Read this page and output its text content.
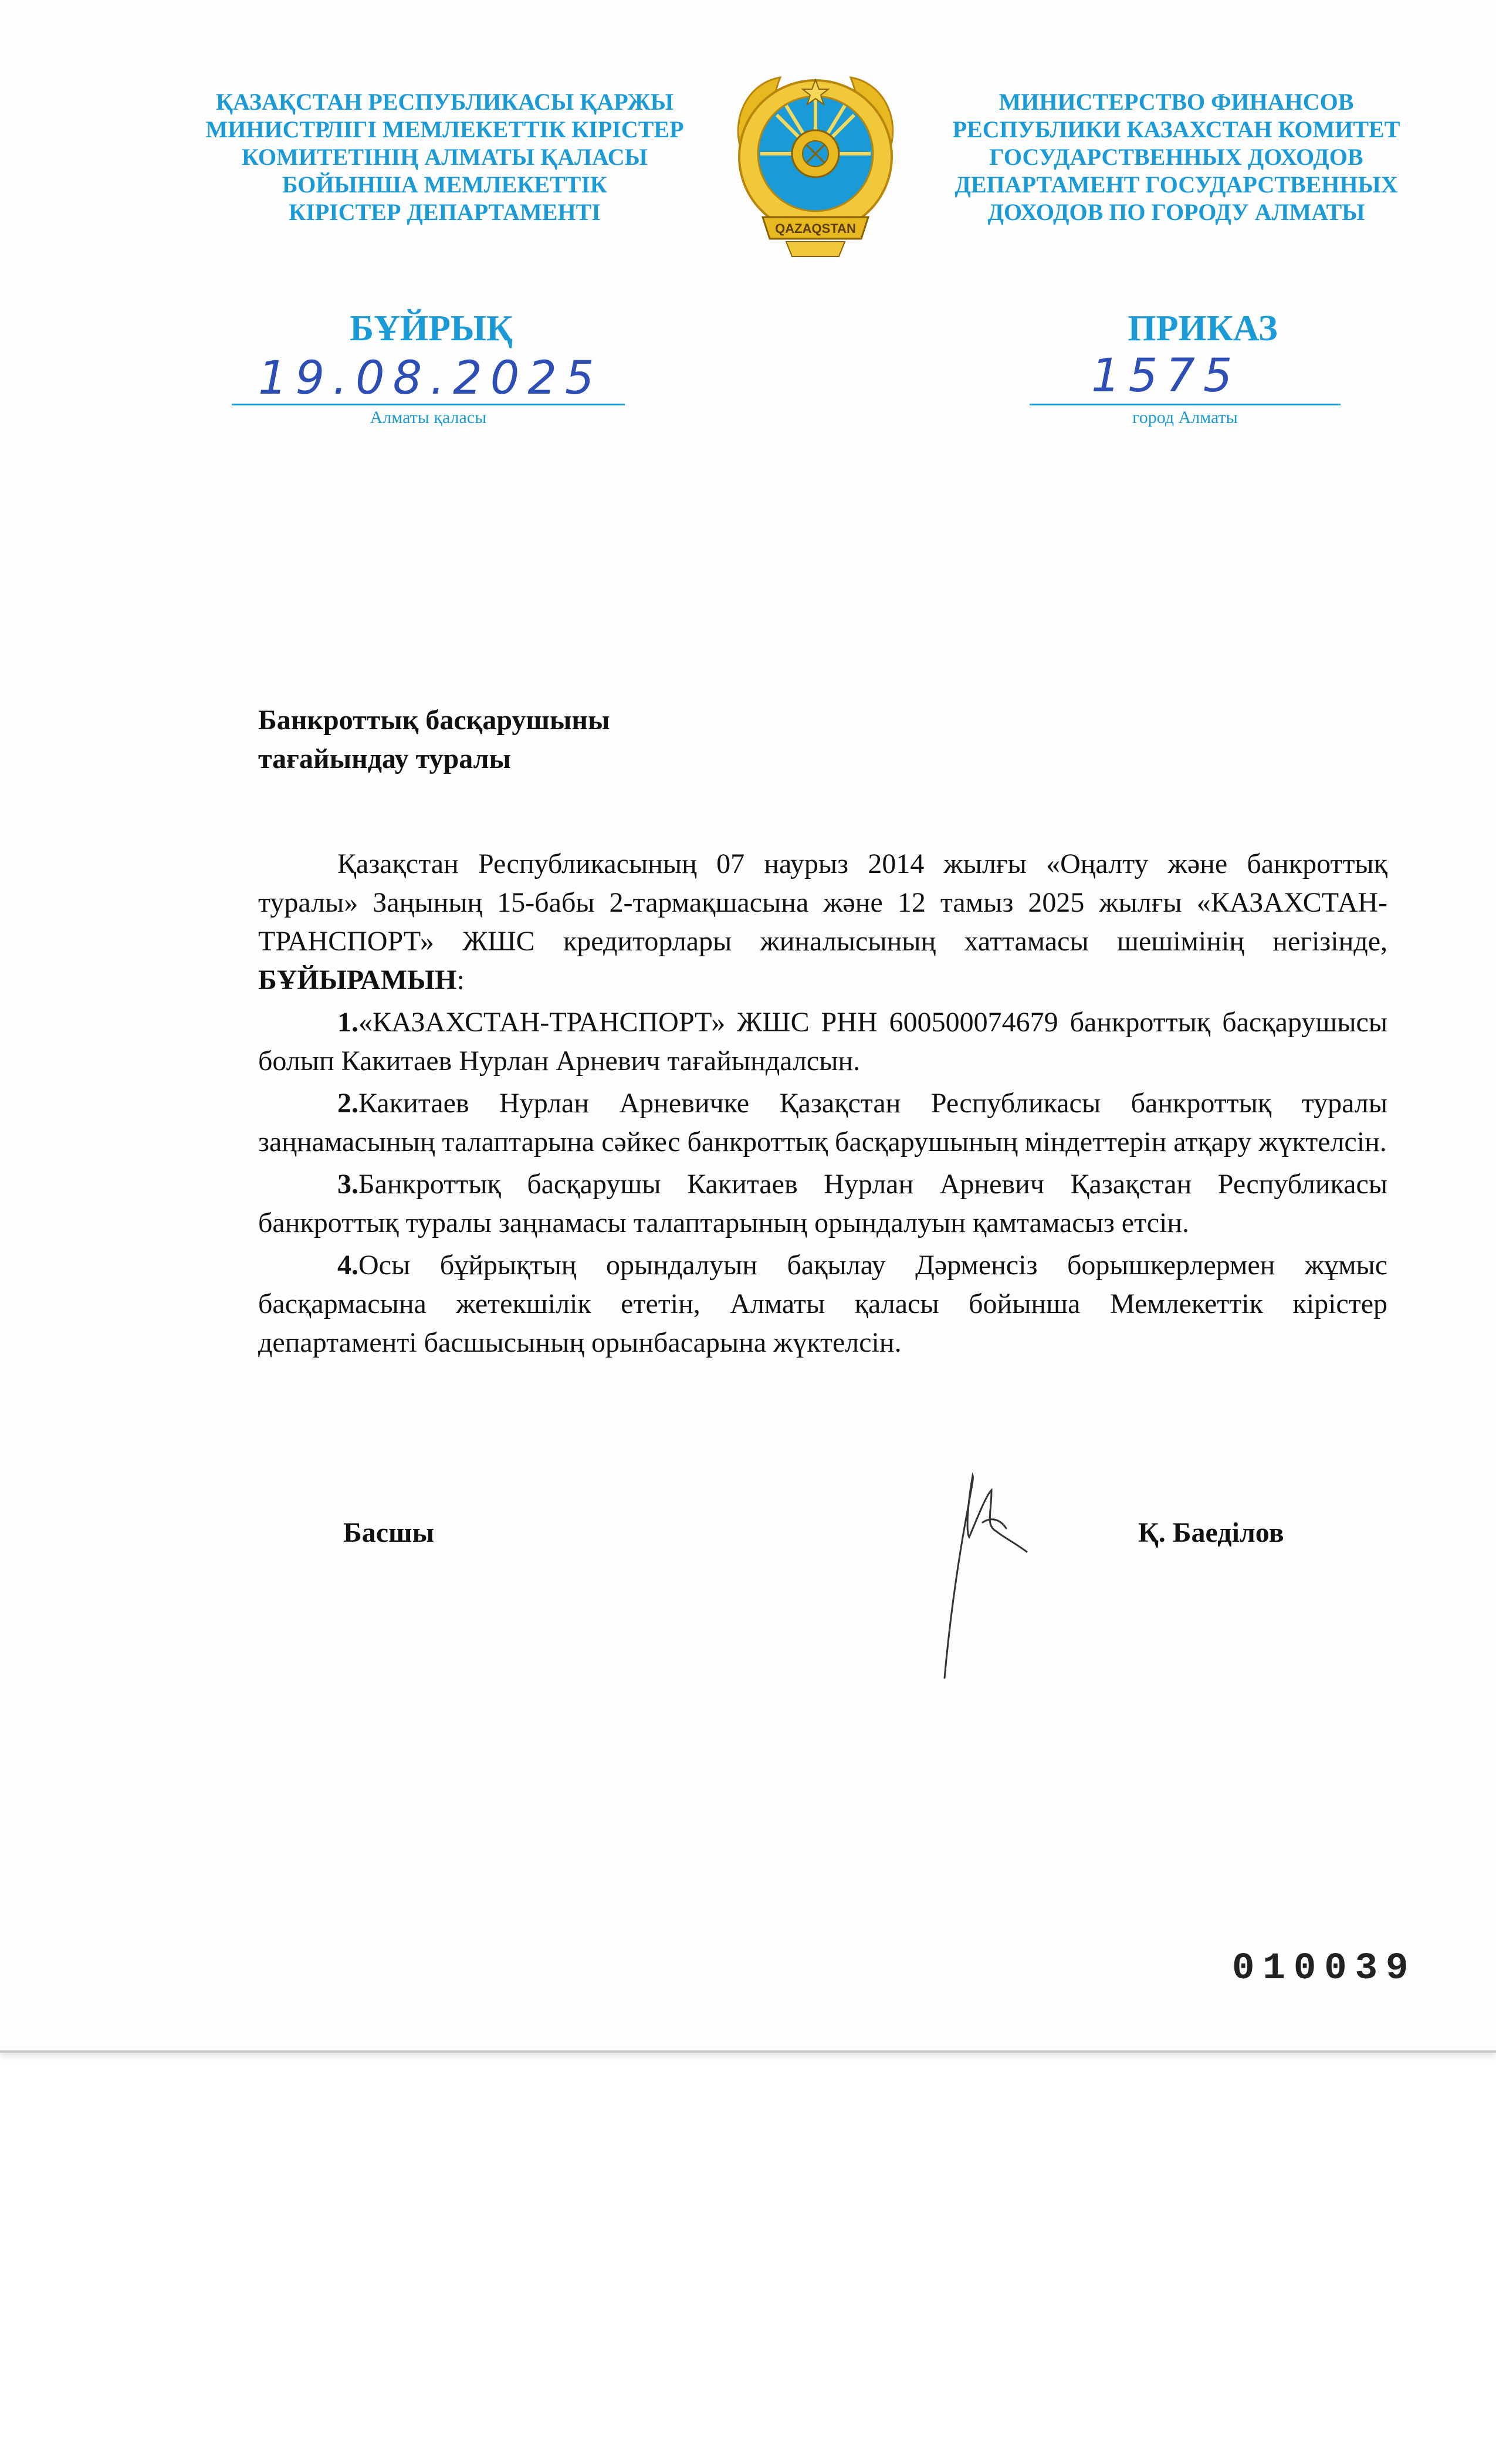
ҚАЗАҚСТАН РЕСПУБЛИКАСЫ ҚАРЖЫ
МИНИСТРЛІГІ МЕМЛЕКЕТТІК КІРІСТЕР
КОМИТЕТІНІҢ АЛМАТЫ ҚАЛАСЫ
БОЙЫНША МЕМЛЕКЕТТІК
КІРІСТЕР ДЕПАРТАМЕНТІ
QAZAQSTAN
МИНИСТЕРСТВО ФИНАНСОВ
РЕСПУБЛИКИ КАЗАХСТАН КОМИТЕТ
ГОСУДАРСТВЕННЫХ ДОХОДОВ
ДЕПАРТАМЕНТ ГОСУДАРСТВЕННЫХ
ДОХОДОВ ПО ГОРОДУ АЛМАТЫ
БҰЙРЫҚ	ПРИКАЗ
19.08.2025	1575
Алматы қаласы	город Алматы
Банкроттық басқарушыны
тағайындау туралы

Қазақстан Республикасының 07 наурыз 2014 жылғы «Оңалту және банкроттық туралы» Заңының 15-бабы 2-тармақшасына және 12 тамыз 2025 жылғы «КАЗАХСТАН-ТРАНСПОРТ» ЖШС кредиторлары жиналысының хаттамасы шешімінің негізінде, БҰЙЫРАМЫН:

1.«КАЗАХСТАН-ТРАНСПОРТ» ЖШС РНН 600500074679 банкроттық басқарушысы болып Какитаев Нурлан Арневич тағайындалсын.

2.Какитаев Нурлан Арневичке Қазақстан Республикасы банкроттық туралы заңнамасының талаптарына сәйкес банкроттық басқарушының міндеттерін атқару жүктелсін.

3.Банкроттық басқарушы Какитаев Нурлан Арневич Қазақстан Республикасы банкроттық туралы заңнамасы талаптарының орындалуын қамтамасыз етсін.

4.Осы бұйрықтың орындалуын бақылау Дәрменсіз борышкерлермен жұмыс басқармасына жетекшілік ететін, Алматы қаласы бойынша Мемлекеттік кірістер департаменті басшысының орынбасарына жүктелсін.

Басшы	Қ. Баеділов
010039
